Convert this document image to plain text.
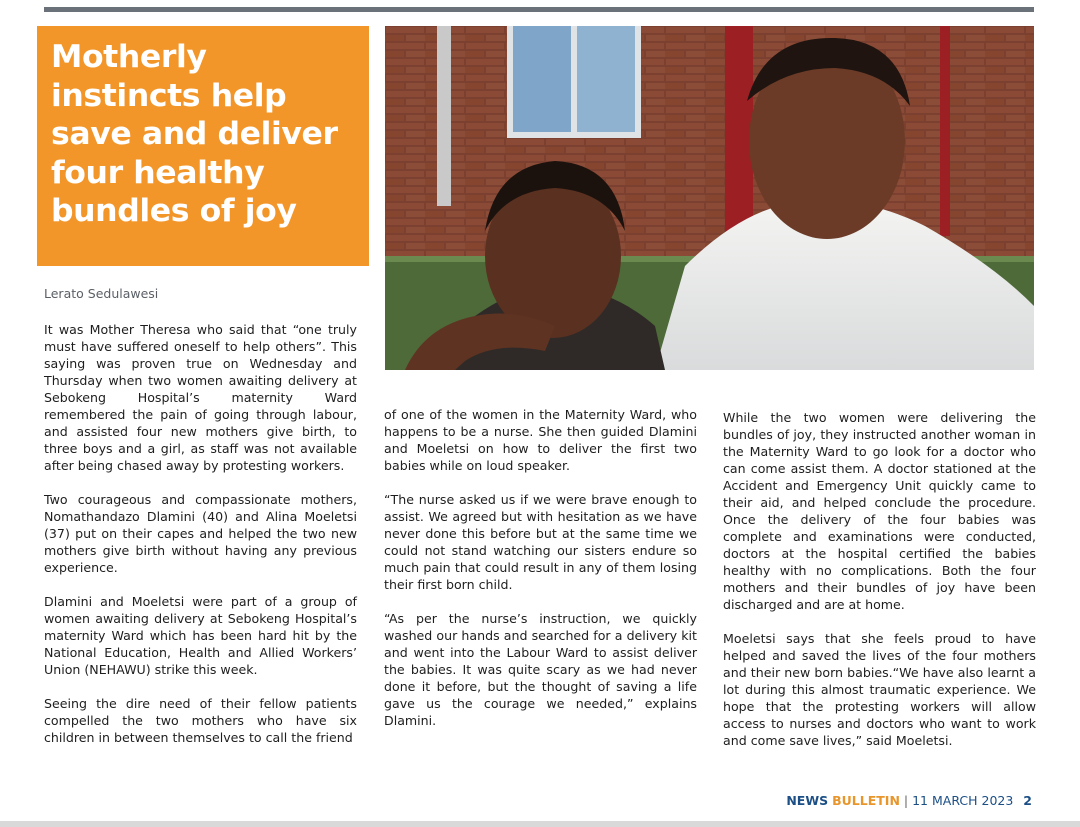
Motherly instincts help save and deliver four healthy bundles of joy
Lerato Sedulawesi

It was Mother Theresa who said that “one truly must have suffered oneself to help others”. This saying was proven true on Wednesday and Thursday when two women awaiting delivery at Sebokeng Hospital’s maternity Ward remembered the pain of going through labour, and assisted four new mothers give birth, to three boys and a girl, as staff was not available after being chased away by protesting workers.

Two courageous and compassionate mothers, Nomathandazo Dlamini (40) and Alina Moeletsi (37) put on their capes and helped the two new mothers give birth without having any previous experience.

Dlamini and Moeletsi were part of a group of women awaiting delivery at Sebokeng Hospital’s maternity Ward which has been hard hit by the National Education, Health and Allied Workers’ Union (NEHAWU) strike this week.

Seeing the dire need of their fellow patients compelled the two mothers who have six children in between themselves to call the friend

of one of the women in the Maternity Ward, who happens to be a nurse. She then guided Dlamini and Moeletsi on how to deliver the first two babies while on loud speaker.

“The nurse asked us if we were brave enough to assist. We agreed but with hesitation as we have never done this before but at the same time we could not stand watching our sisters endure so much pain that could result in any of them losing their first born child.

“As per the nurse’s instruction, we quickly washed our hands and searched for a delivery kit and went into the Labour Ward to assist deliver the babies. It was quite scary as we had never done it before, but the thought of saving a life gave us the courage we needed,” explains Dlamini.

While the two women were delivering the bundles of joy, they instructed another woman in the Maternity Ward to go look for a doctor who can come assist them. A doctor stationed at the Accident and Emergency Unit quickly came to their aid, and helped conclude the procedure. Once the delivery of the four babies was complete and examinations were conducted, doctors at the hospital certified the babies healthy with no complications. Both the four mothers and their bundles of joy have been discharged and are at home.

Moeletsi says that she feels proud to have helped and saved the lives of the four mothers and their new born babies.“We have also learnt a lot during this almost traumatic experience. We hope that the protesting workers will allow access to nurses and doctors who want to work and come save lives,” said Moeletsi.

NEWS BULLETIN | 11 MARCH 2023 2
